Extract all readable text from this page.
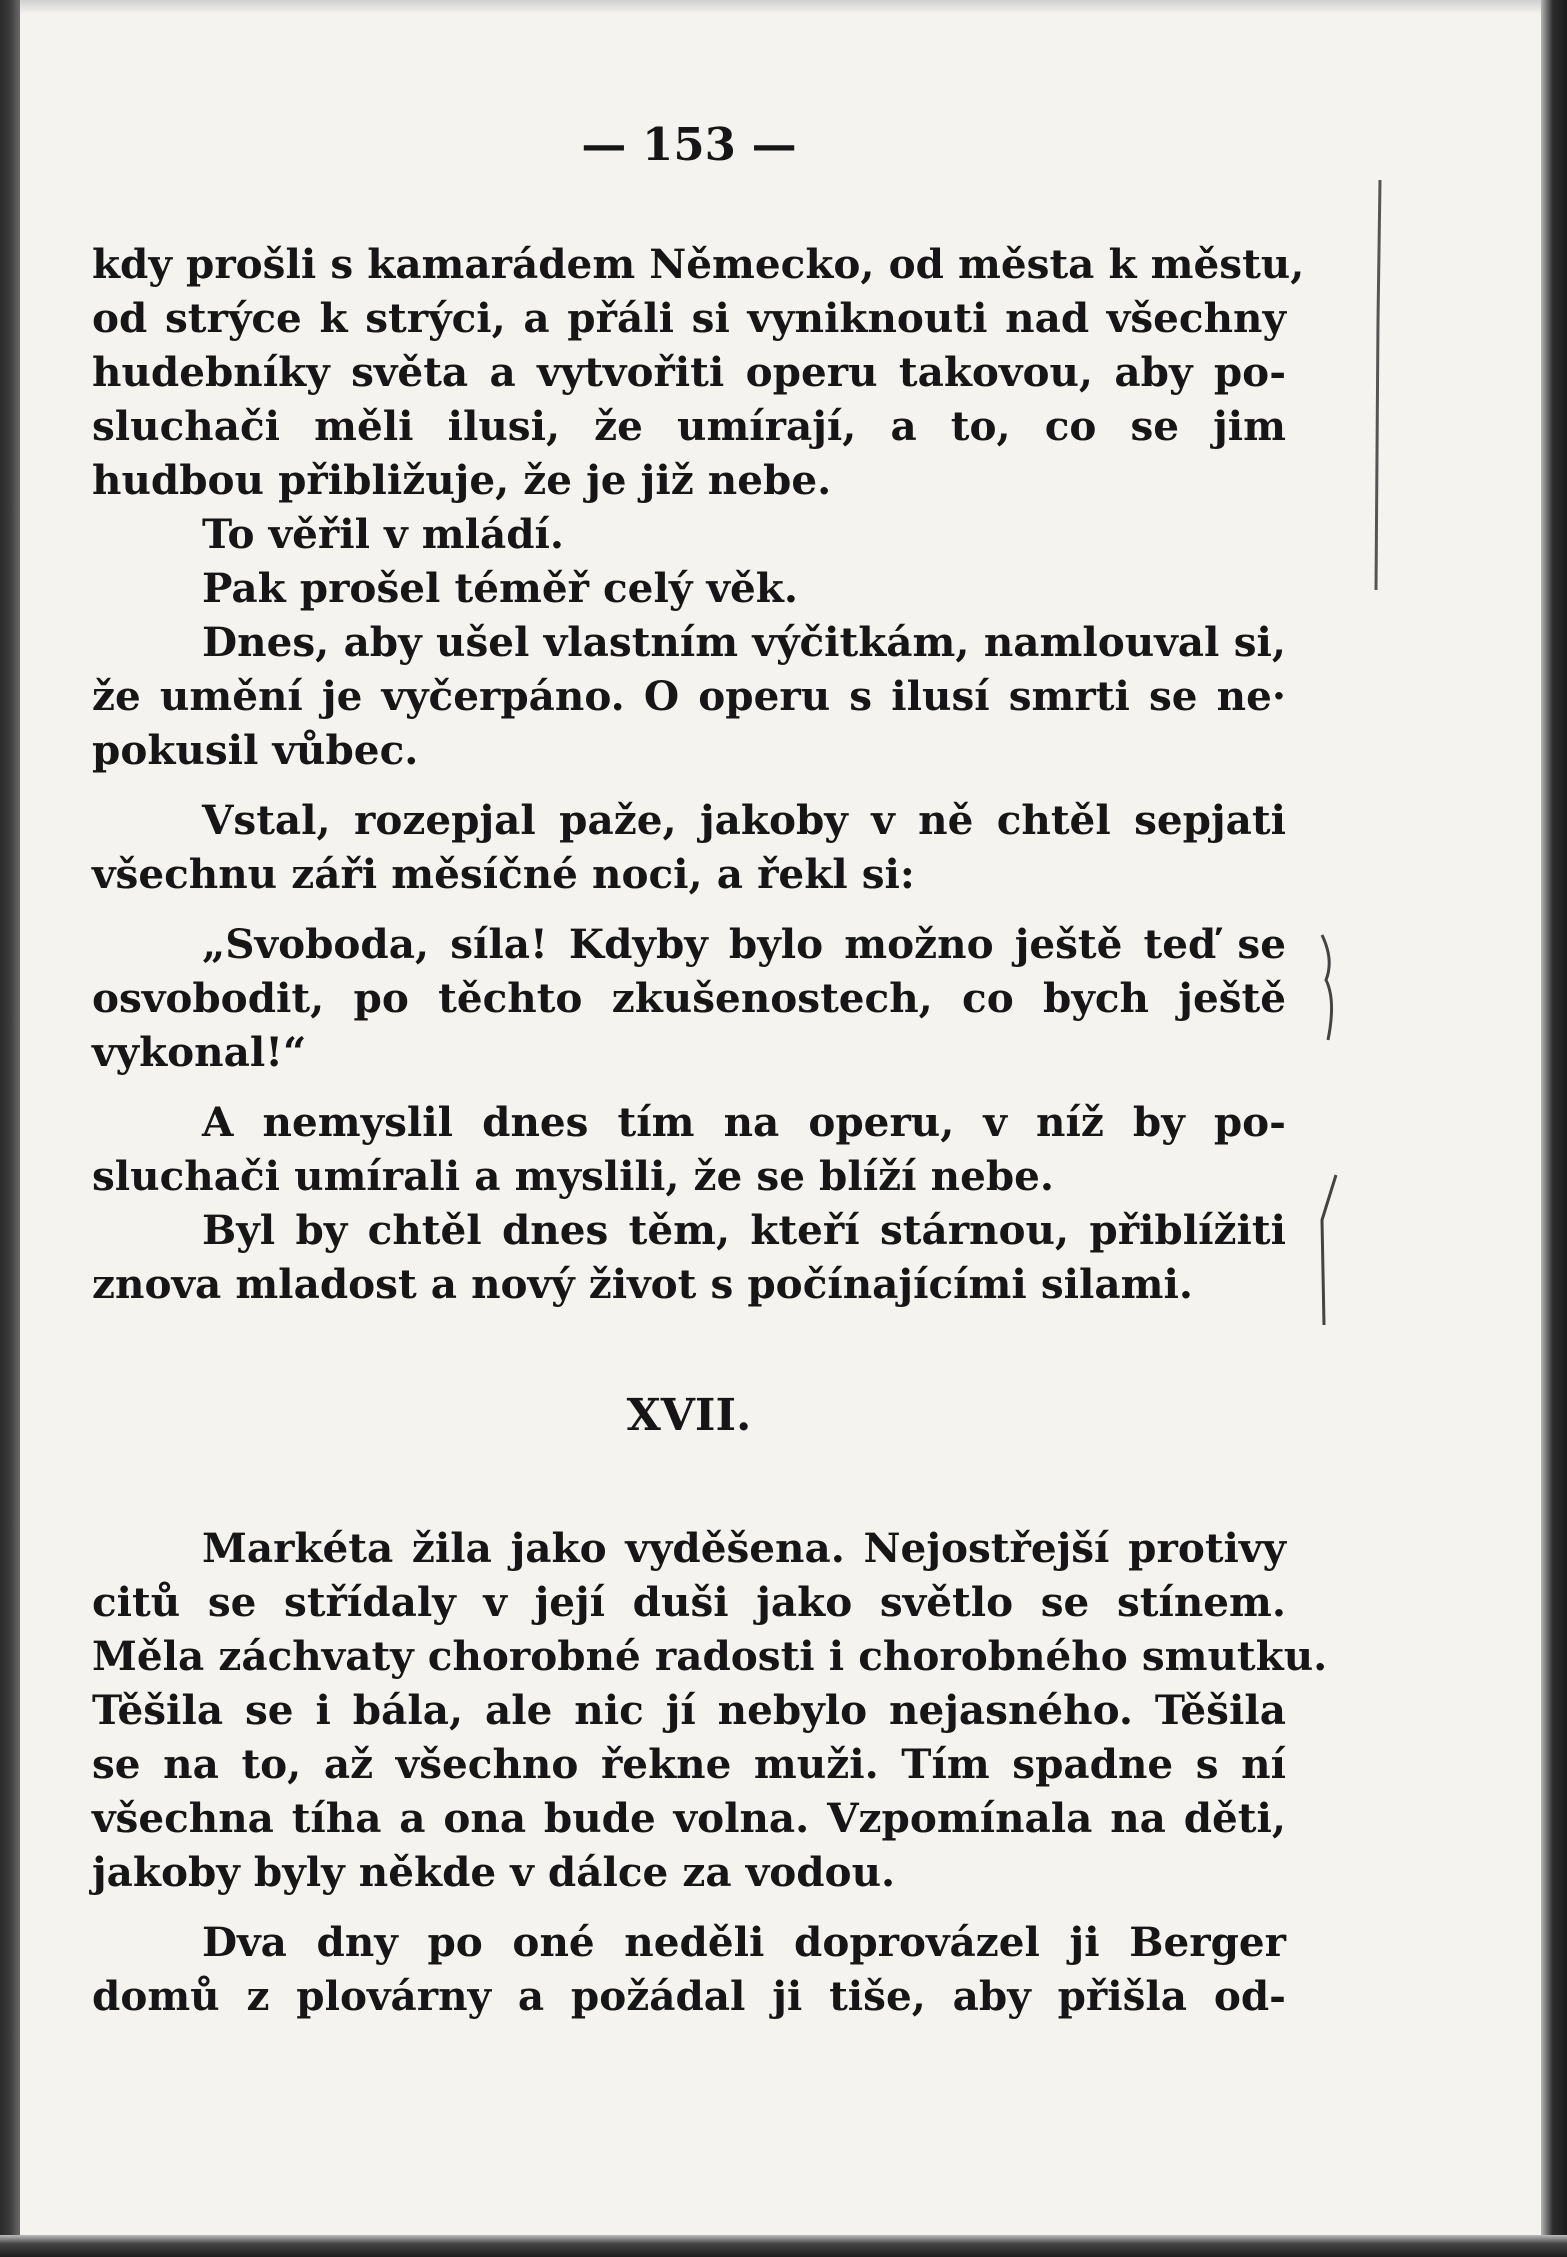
— 153 —
kdy prošli s kamarádem Německo, od města k městu,
od strýce k strýci, a přáli si vyniknouti nad všechny
hudebníky světa a vytvořiti operu takovou, aby po-
sluchači měli ilusi, že umírají, a to, co se jim
hudbou přibližuje, že je již nebe.
To věřil v mládí.
Pak prošel téměř celý věk.
Dnes, aby ušel vlastním výčitkám, namlouval si,
že umění je vyčerpáno. O operu s ilusí smrti se ne·
pokusil vůbec.
Vstal, rozepjal paže, jakoby v ně chtěl sepjati
všechnu záři měsíčné noci, a řekl si:
„Svoboda, síla! Kdyby bylo možno ještě teď se
osvobodit, po těchto zkušenostech, co bych ještě
vykonal!“
A nemyslil dnes tím na operu, v níž by po-
sluchači umírali a myslili, že se blíží nebe.
Byl by chtěl dnes těm, kteří stárnou, přiblížiti
znova mladost a nový život s počínajícími silami.
XVII.
Markéta žila jako vyděšena. Nejostřejší protivy
citů se střídaly v její duši jako světlo se stínem.
Měla záchvaty chorobné radosti i chorobného smutku.
Těšila se i bála, ale nic jí nebylo nejasného. Těšila
se na to, až všechno řekne muži. Tím spadne s ní
všechna tíha a ona bude volna. Vzpomínala na děti,
jakoby byly někde v dálce za vodou.
Dva dny po oné neděli doprovázel ji Berger
domů z plovárny a požádal ji tiše, aby přišla od-
